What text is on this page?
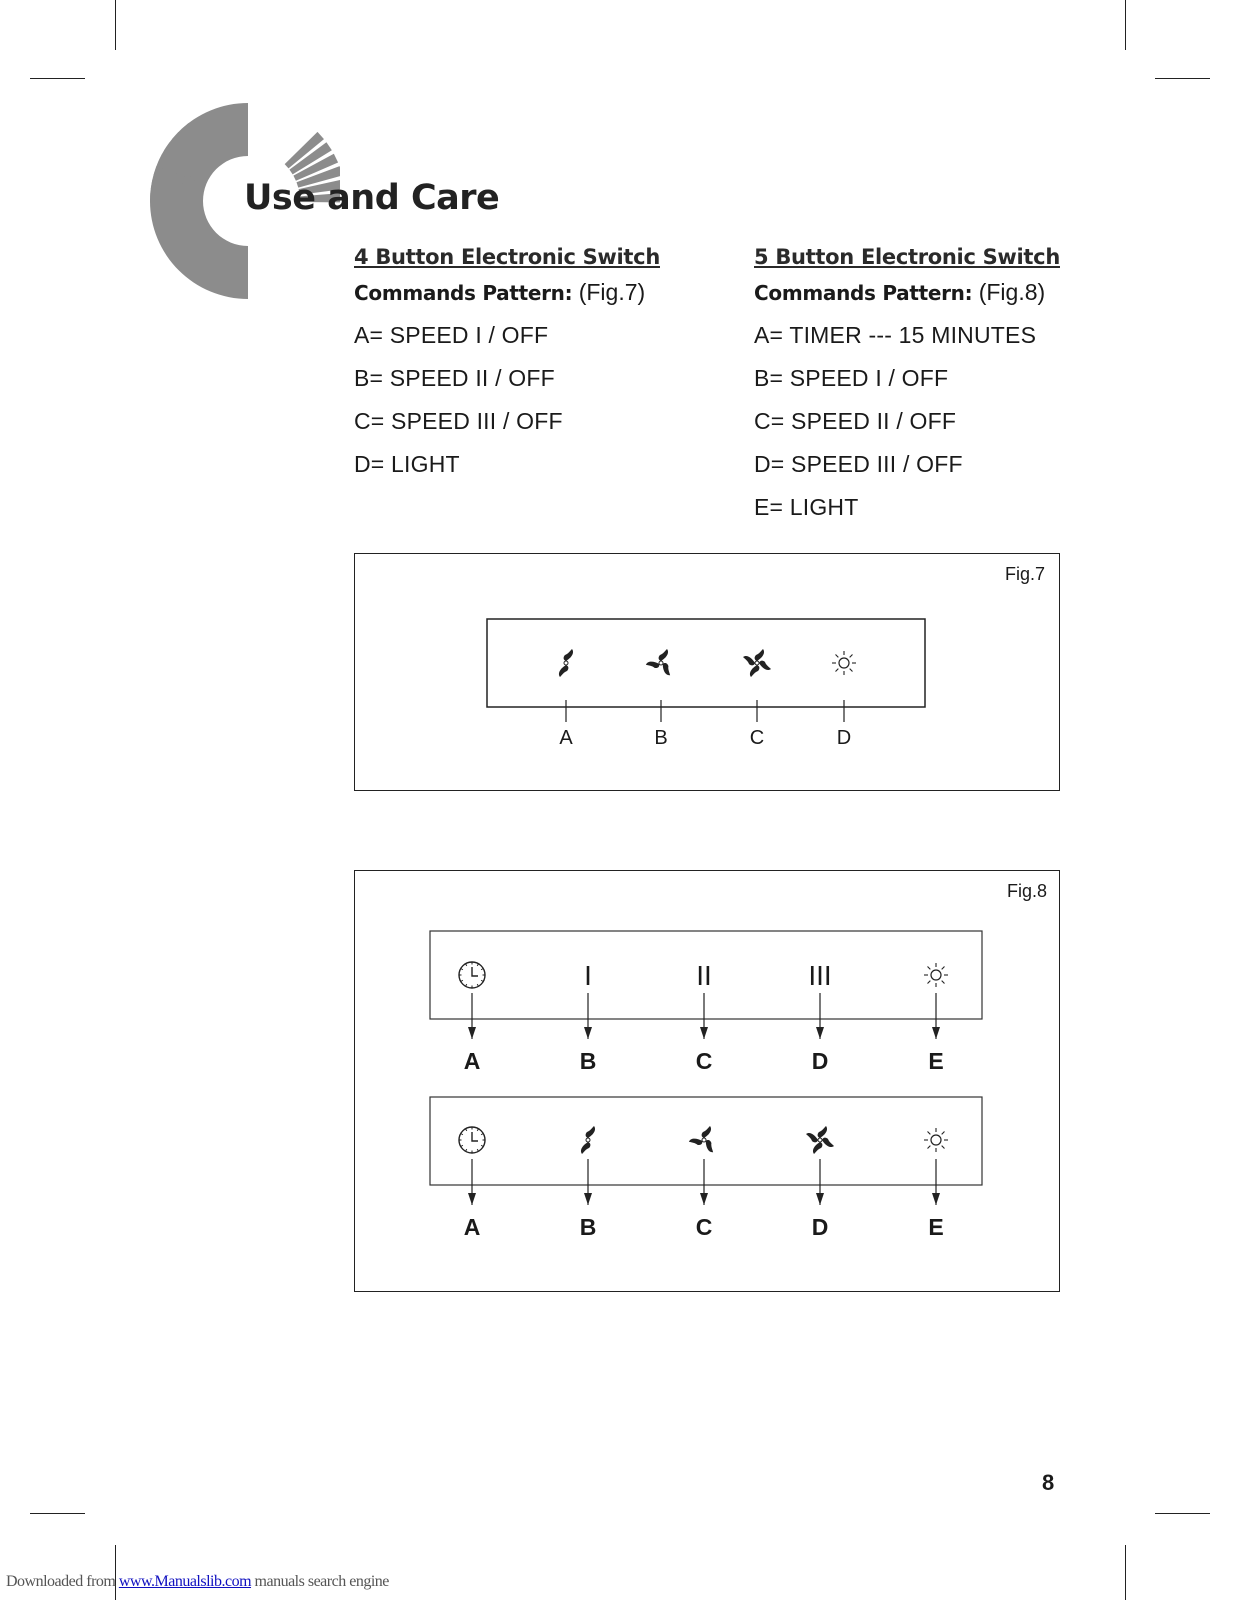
Use and Care
4 Button Electronic Switch
Commands Pattern: (Fig.7)
A= SPEED I / OFF
B= SPEED II / OFF
C= SPEED III / OFF
D= LIGHT
5 Button Electronic Switch
Commands Pattern: (Fig.8)
A= TIMER --- 15 MINUTES
B= SPEED I / OFF
C= SPEED II / OFF
D= SPEED III / OFF
E= LIGHT
Fig.7
A	B	C	D
Fig.8
I	II	III
A	B	C	D	E
A	B	C	D	E
8
Downloaded from www.Manualslib.com manuals search engine
